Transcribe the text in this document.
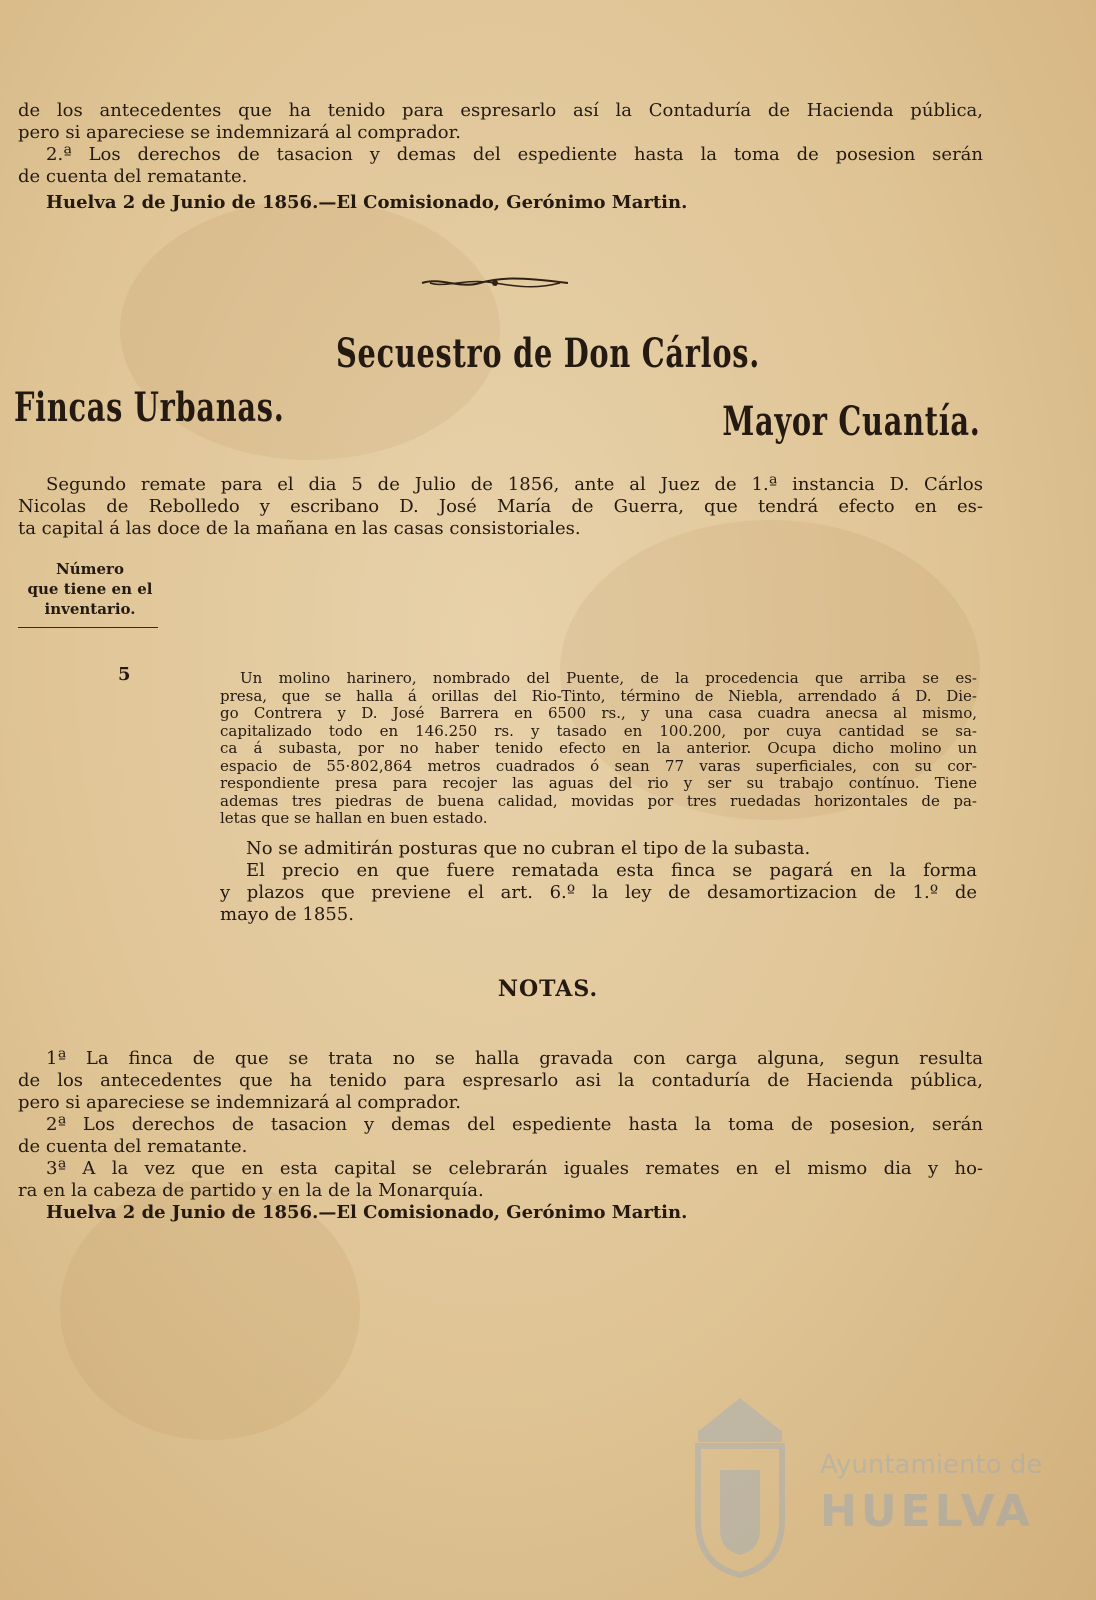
de los antecedentes que ha tenido para espresarlo así la Contaduría de Hacienda pública,

pero si apareciese se indemnizará al comprador.

2.ª Los derechos de tasacion y demas del espediente hasta la toma de posesion serán

de cuenta del rematante.

Huelva 2 de Junio de 1856.—El Comisionado, Gerónimo Martin.

Secuestro de Don Cárlos.
Fincas Urbanas.	Mayor Cuantía.

Segundo remate para el dia 5 de Julio de 1856, ante al Juez de 1.ª instancia D. Cárlos

Nicolas de Rebolledo y escribano D. José María de Guerra, que tendrá efecto en es-

ta capital á las doce de la mañana en las casas consistoriales.

Número
que tiene en el
inventario.
5	Un molino harinero, nombrado del Puente, de la procedencia que arriba se es-

presa, que se halla á orillas del Rio-Tinto, término de Niebla, arrendado á D. Die-

go Contrera y D. José Barrera en 6500 rs., y una casa cuadra anecsa al mismo,

capitalizado todo en 146.250 rs. y tasado en 100.200, por cuya cantidad se sa-

ca á subasta, por no haber tenido efecto en la anterior. Ocupa dicho molino un

espacio de 55·802,864 metros cuadrados ó sean 77 varas superficiales, con su cor-

respondiente presa para recojer las aguas del rio y ser su trabajo contínuo. Tiene

ademas tres piedras de buena calidad, movidas por tres ruedadas horizontales de pa-

letas que se hallan en buen estado.

No se admitirán posturas que no cubran el tipo de la subasta.

El precio en que fuere rematada esta finca se pagará en la forma

y plazos que previene el art. 6.º la ley de desamortizacion de 1.º de

mayo de 1855.

NOTAS.

1ª La finca de que se trata no se halla gravada con carga alguna, segun resulta

de los antecedentes que ha tenido para espresarlo asi la contaduría de Hacienda pública,

pero si apareciese se indemnizará al comprador.

2ª Los derechos de tasacion y demas del espediente hasta la toma de posesion, serán

de cuenta del rematante.

3ª A la vez que en esta capital se celebrarán iguales remates en el mismo dia y ho-

ra en la cabeza de partido y en la de la Monarquía.

Huelva 2 de Junio de 1856.—El Comisionado, Gerónimo Martin.

Ayuntamiento de
HUELVA
